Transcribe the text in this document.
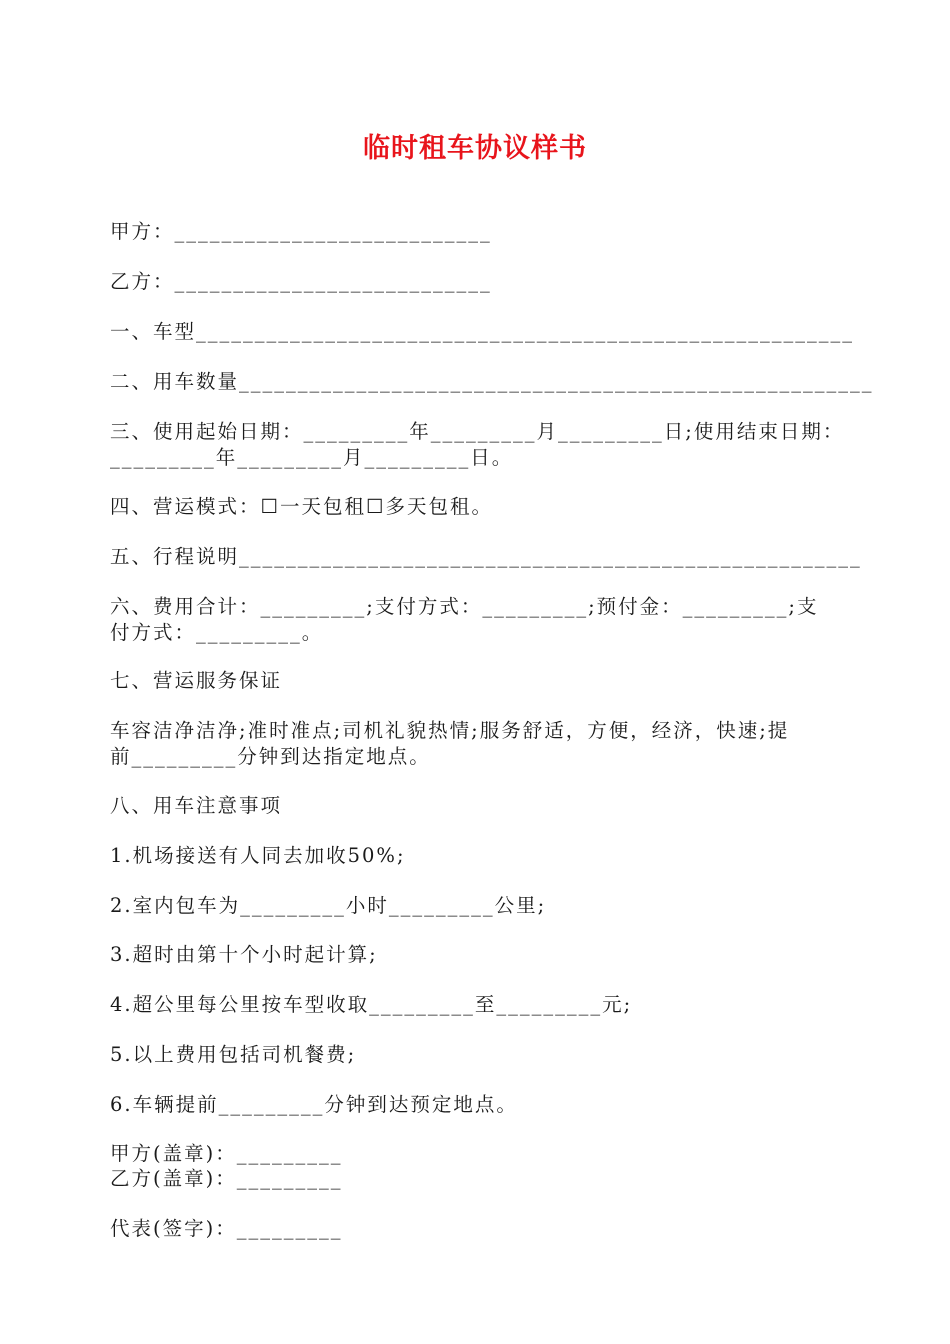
临时租车协议样书
甲方：___________________________
乙方：___________________________
一、车型________________________________________________________
二、用车数量______________________________________________________
三、使用起始日期：_________年_________月_________日;使用结束日期：
_________年_________月_________日。
四、营运模式：☐一天包租☐多天包租。
五、行程说明_____________________________________________________
六、费用合计：_________;支付方式：_________;预付金：_________;支
付方式：_________。
七、营运服务保证
车容洁净洁净;准时准点;司机礼貌热情;服务舒适，方便，经济，快速;提
前_________分钟到达指定地点。
八、用车注意事项
1.机场接送有人同去加收50%;
2.室内包车为_________小时_________公里;
3.超时由第十个小时起计算;
4.超公里每公里按车型收取_________至_________元;
5.以上费用包括司机餐费;
6.车辆提前_________分钟到达预定地点。
甲方(盖章)：_________
乙方(盖章)：_________
代表(签字)：_________
